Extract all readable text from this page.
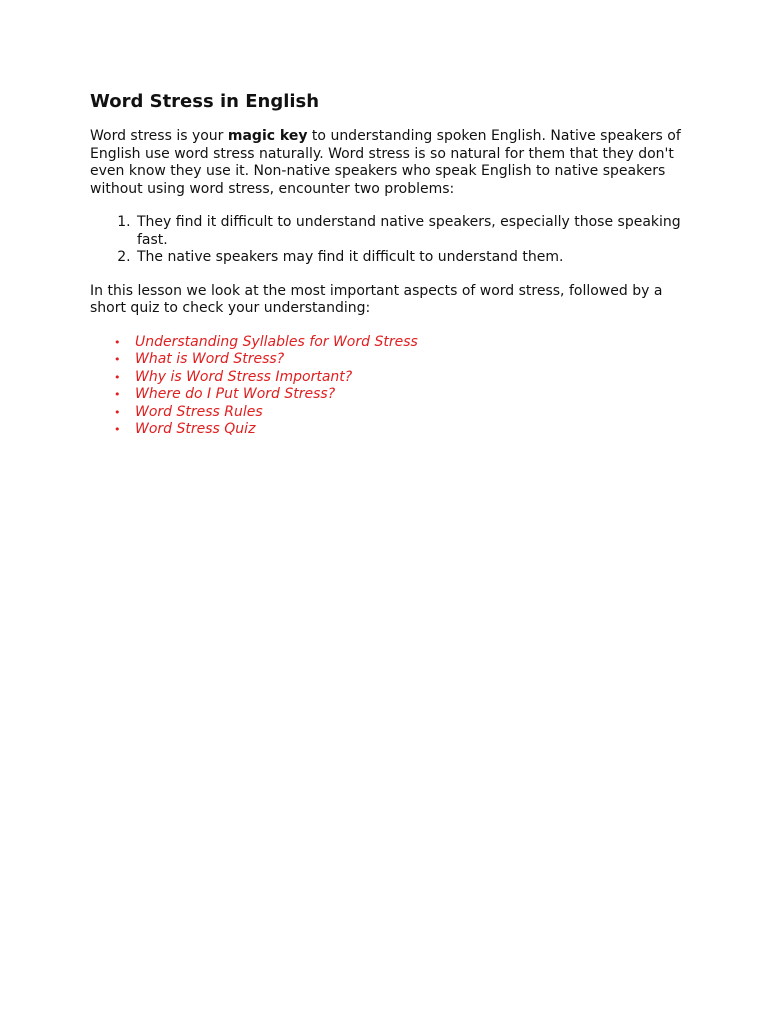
Word Stress in English

Word stress is your magic key to understanding spoken English. Native speakers of English use word stress naturally. Word stress is so natural for them that they don't even know they use it. Non-native speakers who speak English to native speakers without using word stress, encounter two problems:

1. They find it difficult to understand native speakers, especially those speaking fast.
2. The native speakers may find it difficult to understand them.

In this lesson we look at the most important aspects of word stress, followed by a short quiz to check your understanding:

• Understanding Syllables for Word Stress
• What is Word Stress?
• Why is Word Stress Important?
• Where do I Put Word Stress?
• Word Stress Rules
• Word Stress Quiz
